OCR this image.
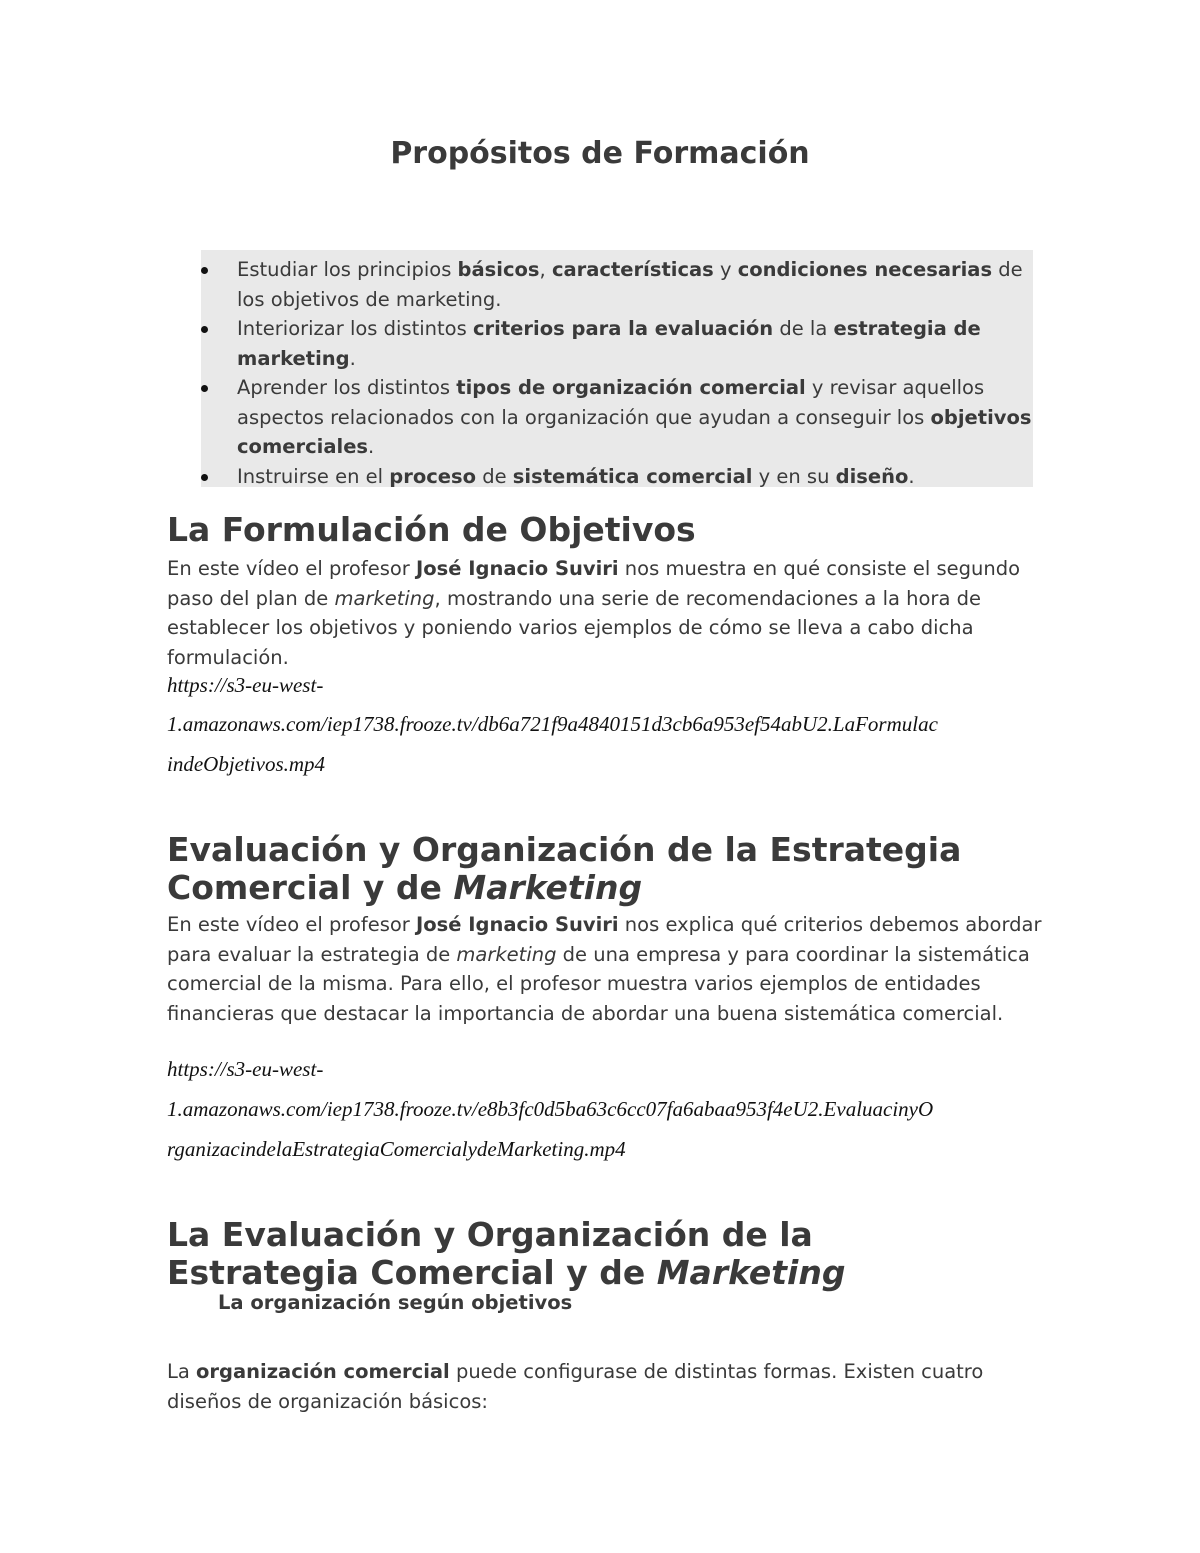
Propósitos de Formación
Estudiar los principios básicos, características y condiciones necesarias de los objetivos de marketing.
Interiorizar los distintos criterios para la evaluación de la estrategia de marketing.
Aprender los distintos tipos de organización comercial y revisar aquellos aspectos relacionados con la organización que ayudan a conseguir los objetivos comerciales.
Instruirse en el proceso de sistemática comercial y en su diseño.
La Formulación de Objetivos

En este vídeo el profesor José Ignacio Suviri nos muestra en qué consiste el segundo paso del plan de marketing, mostrando una serie de recomendaciones a la hora de establecer los objetivos y poniendo varios ejemplos de cómo se lleva a cabo dicha formulación.

https://s3-eu-west-
1.amazonaws.com/iep1738.frooze.tv/db6a721f9a4840151d3cb6a953ef54abU2.LaFormulac
indeObjetivos.mp4
Evaluación y Organización de la Estrategia
Comercial y de Marketing

En este vídeo el profesor José Ignacio Suviri nos explica qué criterios debemos abordar para evaluar la estrategia de marketing de una empresa y para coordinar la sistemática comercial de la misma. Para ello, el profesor muestra varios ejemplos de entidades financieras que destacar la importancia de abordar una buena sistemática comercial.

https://s3-eu-west-
1.amazonaws.com/iep1738.frooze.tv/e8b3fc0d5ba63c6cc07fa6abaa953f4eU2.EvaluacinyO
rganizacindelaEstrategiaComercialydeMarketing.mp4
La Evaluación y Organización de la
Estrategia Comercial y de Marketing
La organización según objetivos

La organización comercial puede configurase de distintas formas. Existen cuatro diseños de organización básicos:
